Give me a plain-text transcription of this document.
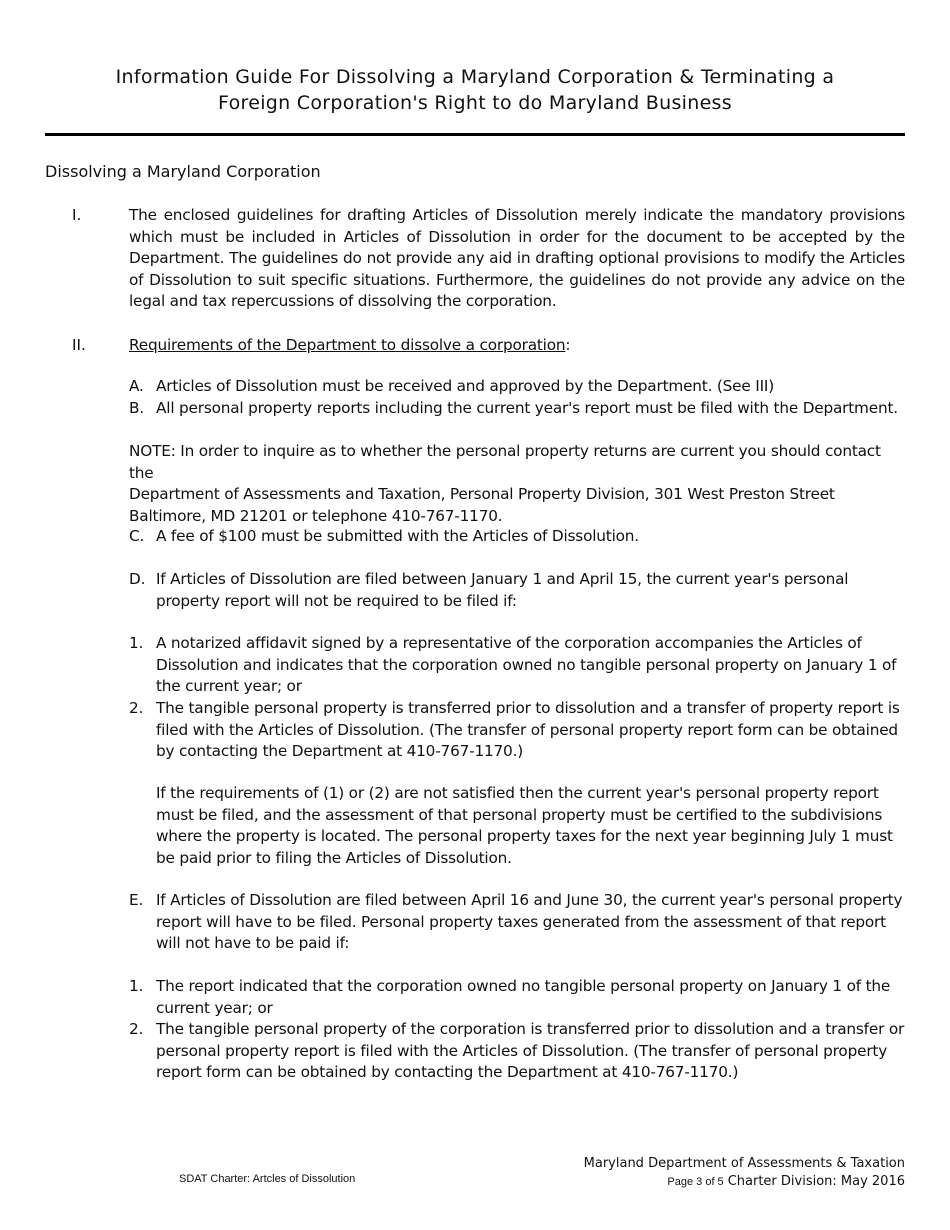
Information Guide For Dissolving a Maryland Corporation & Terminating a
Foreign Corporation's Right to do Maryland Business
Dissolving a Maryland Corporation
I.	The enclosed guidelines for drafting Articles of Dissolution merely indicate the mandatory provisions which must be included in Articles of Dissolution in order for the document to be accepted by the Department. The guidelines do not provide any aid in drafting optional provisions to modify the Articles of Dissolution to suit specific situations. Furthermore, the guidelines do not provide any advice on the legal and tax repercussions of dissolving the corporation.
II.	Requirements of the Department to dissolve a corporation:
A. Articles of Dissolution must be received and approved by the Department. (See III)
B. All personal property reports including the current year's report must be filed with the Department.
NOTE: In order to inquire as to whether the personal property returns are current you should contact the
Department of Assessments and Taxation, Personal Property Division, 301 West Preston Street
Baltimore, MD 21201 or telephone 410-767-1170.
C. A fee of $100 must be submitted with the Articles of Dissolution.
D. If Articles of Dissolution are filed between January 1 and April 15, the current year's personal property report will not be required to be filed if:
1. A notarized affidavit signed by a representative of the corporation accompanies the Articles of Dissolution and indicates that the corporation owned no tangible personal property on January 1 of the current year; or
2. The tangible personal property is transferred prior to dissolution and a transfer of property report is filed with the Articles of Dissolution. (The transfer of personal property report form can be obtained by contacting the Department at 410-767-1170.)
If the requirements of (1) or (2) are not satisfied then the current year's personal property report must be filed, and the assessment of that personal property must be certified to the subdivisions where the property is located. The personal property taxes for the next year beginning July 1 must be paid prior to filing the Articles of Dissolution.
E. If Articles of Dissolution are filed between April 16 and June 30, the current year's personal property report will have to be filed. Personal property taxes generated from the assessment of that report will not have to be paid if:
1. The report indicated that the corporation owned no tangible personal property on January 1 of the current year; or
2. The tangible personal property of the corporation is transferred prior to dissolution and a transfer or personal property report is filed with the Articles of Dissolution. (The transfer of personal property report form can be obtained by contacting the Department at 410-767-1170.)
SDAT Charter: Artcles of Dissolution
Maryland Department of Assessments & Taxation
Page 3 of 5 Charter Division: May 2016
